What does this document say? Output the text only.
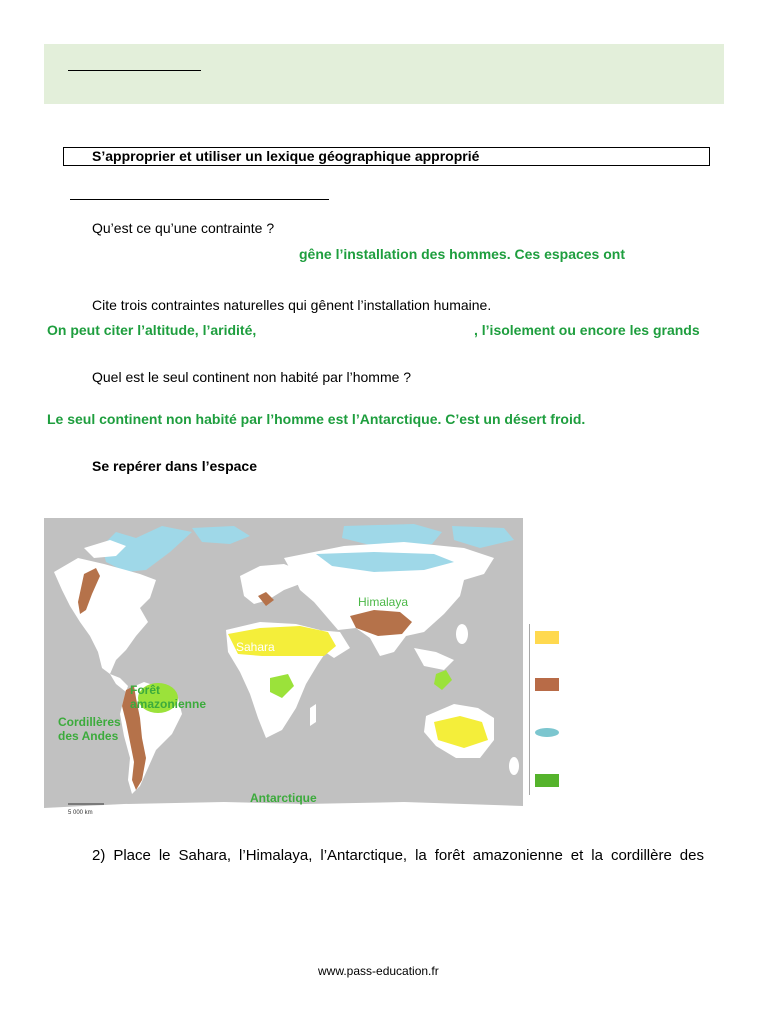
S’approprier et utiliser un lexique géographique approprié
Qu’est ce qu’une contrainte ?
gêne l’installation des hommes. Ces espaces ont
Cite trois contraintes naturelles qui gênent l’installation humaine.
On peut citer l’altitude, l’aridité,	, l’isolement ou encore les grands
Quel est le seul continent non habité par l’homme ?
Le seul continent non habité par l’homme est l’Antarctique. C’est un désert froid.
Se repérer dans l’espace
5 000 km
Himalaya
Sahara
Forêt
amazonienne
Cordillères
des Andes
Antarctique
2) Place le Sahara, l’Himalaya, l’Antarctique, la forêt amazonienne et la cordillère des
www.pass-education.fr
